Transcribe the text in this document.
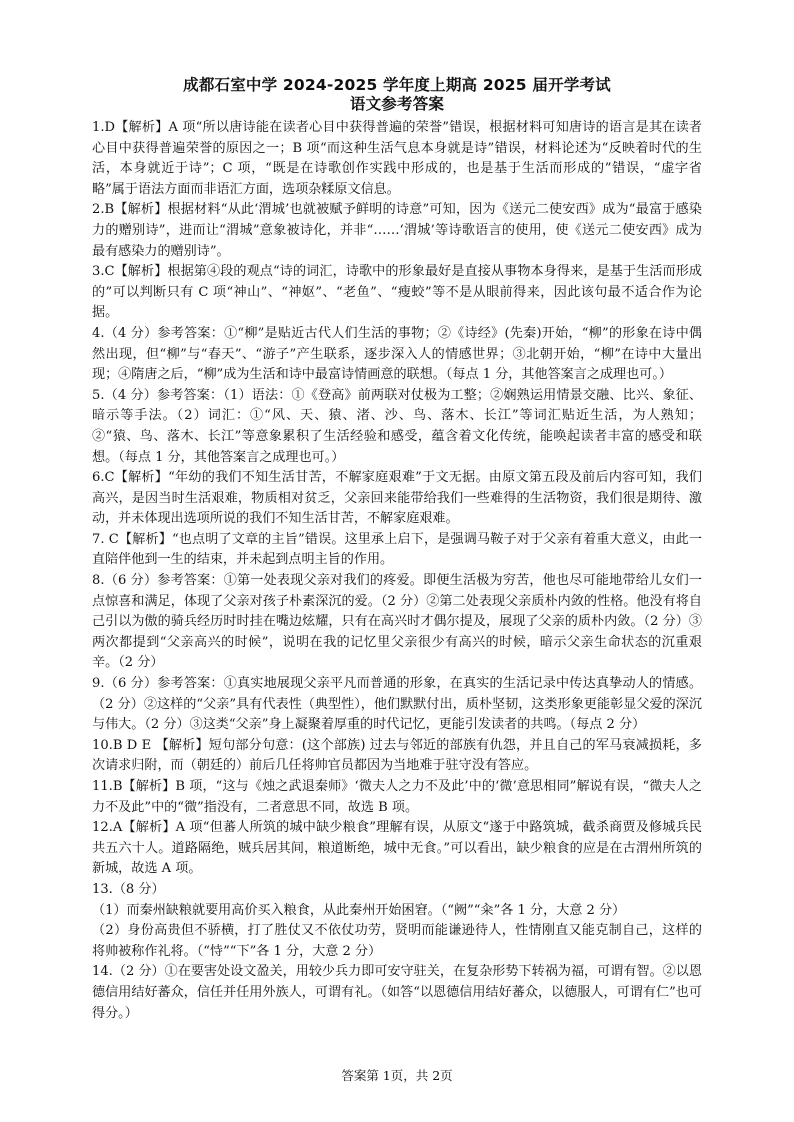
成都石室中学 2024-2025 学年度上期高 2025 届开学考试
语文参考答案

1.D【解析】A 项“所以唐诗能在读者心目中获得普遍的荣誉”错误，根据材料可知唐诗的语言是其在读者心目中获得普遍荣誉的原因之一；B 项“而这种生活气息本身就是诗”错误，材料论述为“反映着时代的生活，本身就近于诗”；C 项，“既是在诗歌创作实践中形成的，也是基于生活而形成的”错误，“虚字省略”属于语法方面而非语汇方面，选项杂糅原文信息。

2.B【解析】根据材料“从此‘渭城’也就被赋予鲜明的诗意”可知，因为《送元二使安西》成为“最富于感染力的赠别诗”，进而让“渭城”意象被诗化，并非“……‘渭城’等诗歌语言的使用，使《送元二使安西》成为最有感染力的赠别诗”。

3.C【解析】根据第④段的观点“诗的词汇，诗歌中的形象最好是直接从事物本身得来，是基于生活而形成的”可以判断只有 C 项“神山”、“神妪”、“老鱼”、“瘦蛟”等不是从眼前得来，因此该句最不适合作为论据。

4.（4 分）参考答案：①“柳”是贴近古代人们生活的事物；②《诗经》(先秦)开始，“柳”的形象在诗中偶然出现，但“柳”与“春天”、“游子”产生联系，逐步深入人的情感世界；③北朝开始，“柳”在诗中大量出现；④隋唐之后，“柳”成为生活和诗中最富诗情画意的联想。（每点 1 分，其他答案言之成理也可。）

5.（4 分）参考答案：（1）语法：①《登高》前两联对仗极为工整；②娴熟运用情景交融、比兴、象征、暗示等手法。（2）词汇：①“风、天、猿、渚、沙、鸟、落木、长江”等词汇贴近生活，为人熟知；②“猿、鸟、落木、长江”等意象累积了生活经验和感受，蕴含着文化传统，能唤起读者丰富的感受和联想。（每点 1 分，其他答案言之成理也可。）

6.C【解析】“年幼的我们不知生活甘苦，不解家庭艰难”于文无据。由原文第五段及前后内容可知，我们高兴，是因当时生活艰难，物质相对贫乏，父亲回来能带给我们一些难得的生活物资，我们很是期待、激动，并未体现出选项所说的我们不知生活甘苦，不解家庭艰难。

7. C【解析】“也点明了文章的主旨”错误。这里承上启下，是强调马鞍子对于父亲有着重大意义，由此一直陪伴他到一生的结束，并未起到点明主旨的作用。

8.（6 分）参考答案：①第一处表现父亲对我们的疼爱。即便生活极为穷苦，他也尽可能地带给儿女们一点惊喜和满足，体现了父亲对孩子朴素深沉的爱。（2 分）②第二处表现父亲质朴内敛的性格。他没有将自己引以为傲的骑兵经历时时挂在嘴边炫耀，只有在高兴时才偶尔提及，展现了父亲的质朴内敛。（2 分）③两次都提到“父亲高兴的时候”，说明在我的记忆里父亲很少有高兴的时候，暗示父亲生命状态的沉重艰辛。（2 分）

9.（6 分）参考答案：①真实地展现父亲平凡而普通的形象，在真实的生活记录中传达真挚动人的情感。（2 分）②这样的“父亲”具有代表性（典型性），他们默默付出，质朴坚韧，这类形象更能彰显父爱的深沉与伟大。（2 分）③这类“父亲”身上凝聚着厚重的时代记忆，更能引发读者的共鸣。（每点 2 分）

10.B D E 【解析】短句部分句意：(这个部族) 过去与邻近的部族有仇怨，并且自己的军马衰减损耗，多次请求归附，而（朝廷的）前后几任将帅官员都因为当地难于驻守没有答应。

11.B【解析】B 项，“这与《烛之武退秦师》‘微夫人之力不及此’中的‘微’意思相同”解说有误，“微夫人之力不及此”中的“微”指没有，二者意思不同，故选 B 项。

12.A【解析】A 项“但蕃人所筑的城中缺少粮食”理解有误，从原文“遂于中路筑城，截杀商贾及修城兵民共五六十人。道路隔绝，贼兵居其间，粮道断绝，城中无食。”可以看出，缺少粮食的应是在古渭州所筑的新城，故选 A 项。

13.（8 分）

（1）而秦州缺粮就要用高价买入粮食，从此秦州开始困窘。（“阙”“籴”各 1 分，大意 2 分）

（2）身份高贵但不骄横，打了胜仗又不依仗功劳，贤明而能谦逊待人，性情刚直又能克制自己，这样的将帅被称作礼将。（“恃”“下”各 1 分，大意 2 分）

14.（2 分）①在要害处设文盈关，用较少兵力即可安守驻关，在复杂形势下转祸为福，可谓有智。②以恩德信用结好蕃众，信任并任用外族人，可谓有礼。（如答“以恩德信用结好蕃众，以德服人，可谓有仁”也可得分。）

答案第 1页，共 2页
